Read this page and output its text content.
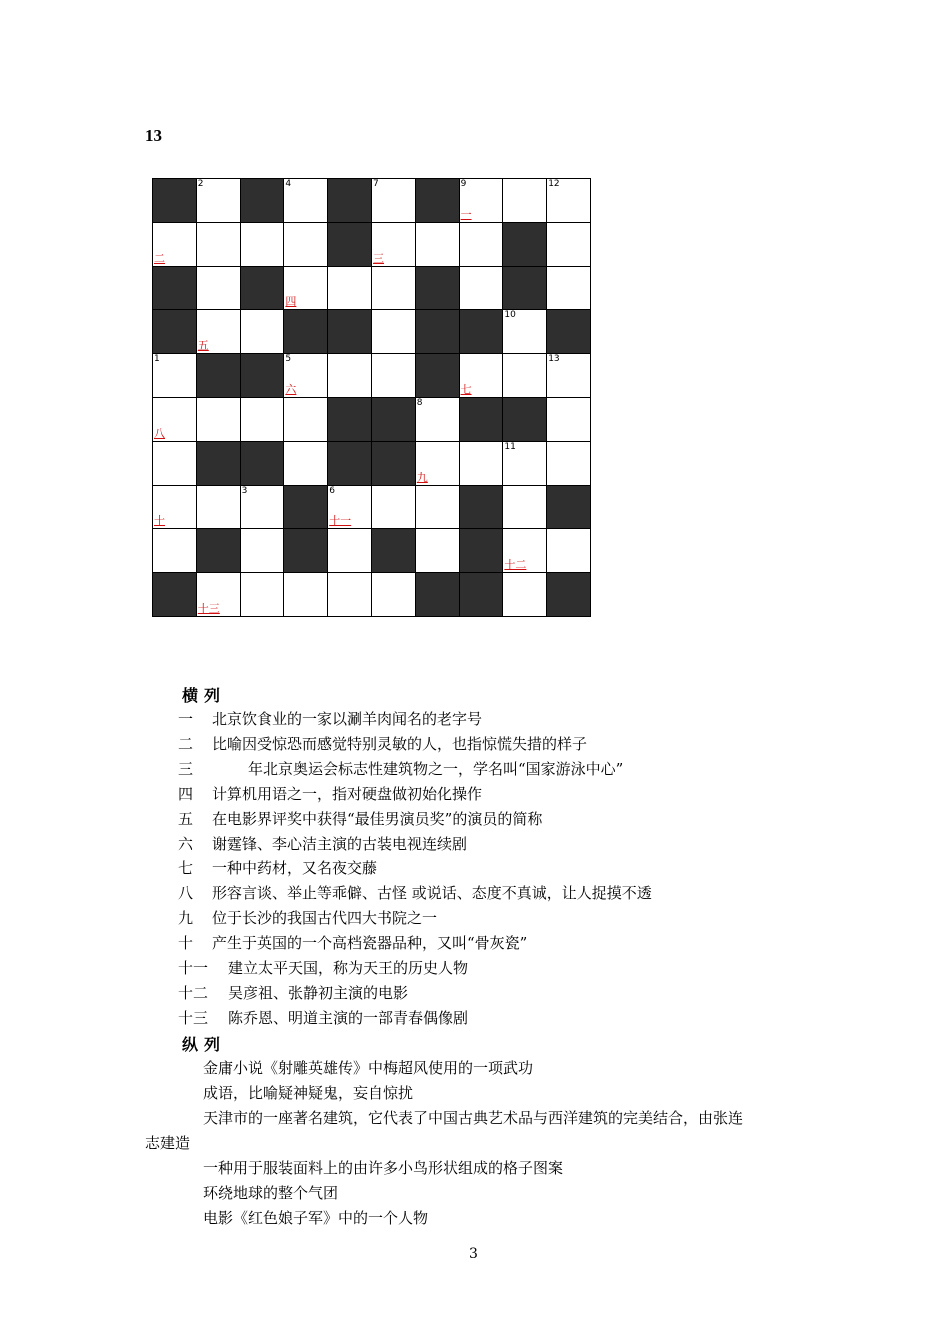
13
2	4	7	9
一
12
二	三
四
五
10
1	5
六	七
13
八
8
九
11
十
3	6
十一
十二
十三
横列
一 北京饮食业的一家以涮羊肉闻名的老字号
二 比喻因受惊恐而感觉特别灵敏的人，也指惊慌失措的样子
三	年北京奥运会标志性建筑物之一，学名叫“国家游泳中心”
四 计算机用语之一，指对硬盘做初始化操作
五 在电影界评奖中获得“最佳男演员奖”的演员的简称
六 谢霆锋、李心洁主演的古装电视连续剧
七 一种中药材，又名夜交藤
八 形容言谈、举止等乖僻、古怪 或说话、态度不真诚，让人捉摸不透
九 位于长沙的我国古代四大书院之一
十 产生于英国的一个高档瓷器品种，又叫“骨灰瓷”
十一 建立太平天国，称为天王的历史人物
十二 吴彦祖、张静初主演的电影
十三 陈乔恩、明道主演的一部青春偶像剧
纵列
金庸小说《射雕英雄传》中梅超风使用的一项武功
成语，比喻疑神疑鬼，妄自惊扰
天津市的一座著名建筑，它代表了中国古典艺术品与西洋建筑的完美结合，由张连
志建造
一种用于服装面料上的由许多小鸟形状组成的格子图案
环绕地球的整个气团
电影《红色娘子军》中的一个人物
3
